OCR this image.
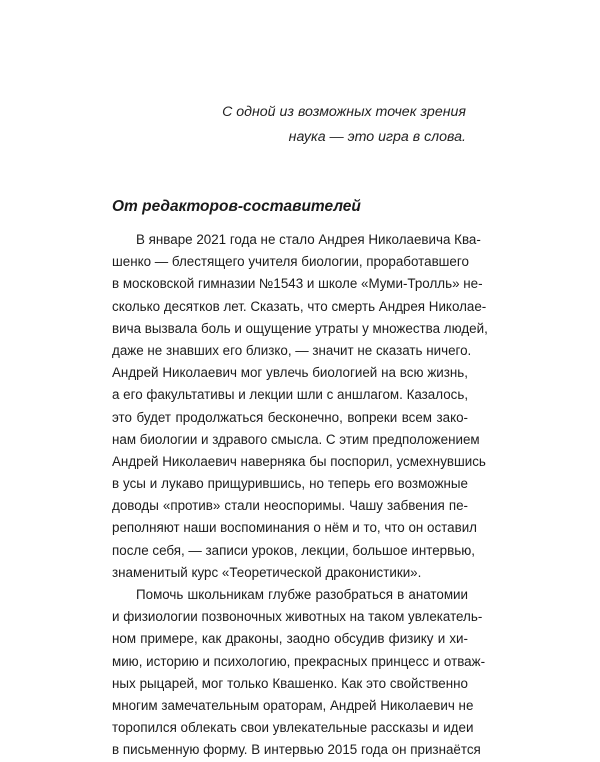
С одной из возможных точек зрения
наука — это игра в слова.
От редакторов-составителей
В январе 2021 года не стало Андрея Николаевича Ква-
шенко — блестящего учителя биологии, проработавшего
в московской гимназии №1543 и школе «Муми-Тролль» не-
сколько десятков лет. Сказать, что смерть Андрея Николае-
вича вызвала боль и ощущение утраты у множества людей,
даже не знавших его близко, — значит не сказать ничего.
Андрей Николаевич мог увлечь биологией на всю жизнь,
а его факультативы и лекции шли с аншлагом. Казалось,
это будет продолжаться бесконечно, вопреки всем зако-
нам биологии и здравого смысла. С этим предположением
Андрей Николаевич наверняка бы поспорил, усмехнувшись
в усы и лукаво прищурившись, но теперь его возможные
доводы «против» стали неоспоримы. Чашу забвения пе-
реполняют наши воспоминания о нём и то, что он оставил
после себя, — записи уроков, лекции, большое интервью,
знаменитый курс «Теоретической драконистики».
Помочь школьникам глубже разобраться в анатомии
и физиологии позвоночных животных на таком увлекатель-
ном примере, как драконы, заодно обсудив физику и хи-
мию, историю и психологию, прекрасных принцесс и отваж-
ных рыцарей, мог только Квашенко. Как это свойственно
многим замечательным ораторам, Андрей Николаевич не
торопился облекать свои увлекательные рассказы и идеи
в письменную форму. В интервью 2015 года он признаётся
